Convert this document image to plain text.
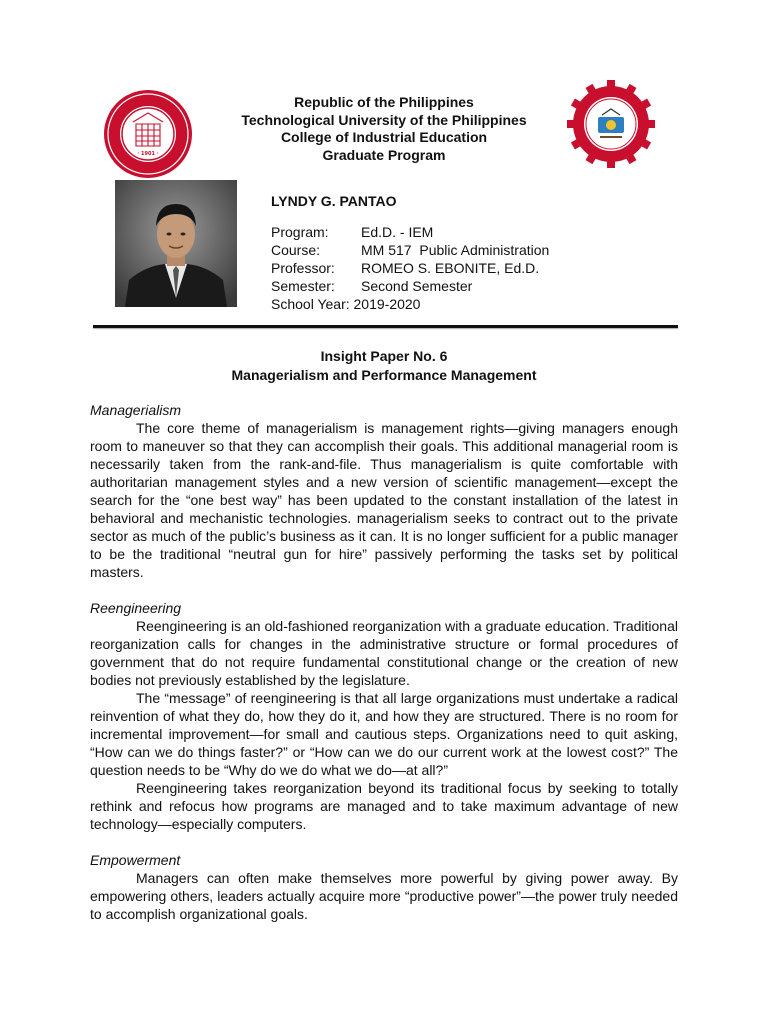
· 1901 ·
Republic of the Philippines
Technological University of the Philippines
College of Industrial Education
Graduate Program
LYNDY G. PANTAO
Program: Ed.D. - IEM
Course:	MM 517  Public Administration
Professor: ROMEO S. EBONITE, Ed.D.
Semester: Second Semester
School Year: 2019-2020
Insight Paper No. 6
Managerialism and Performance Management
Managerialism

The core theme of managerialism is management rights—giving managers enough room to maneuver so that they can accomplish their goals. This additional managerial room is necessarily taken from the rank-and-file. Thus managerialism is quite comfortable with authoritarian management styles and a new version of scientific management—except the search for the “one best way” has been updated to the constant installation of the latest in behavioral and mechanistic technologies. managerialism seeks to contract out to the private sector as much of the public’s business as it can. It is no longer sufficient for a public manager to be the traditional “neutral gun for hire” passively performing the tasks set by political masters.

Reengineering

Reengineering is an old-fashioned reorganization with a graduate education. Traditional reorganization calls for changes in the administrative structure or formal procedures of government that do not require fundamental constitutional change or the creation of new bodies not previously established by the legislature.

The “message” of reengineering is that all large organizations must undertake a radical reinvention of what they do, how they do it, and how they are structured. There is no room for incremental improvement—for small and cautious steps. Organizations need to quit asking, “How can we do things faster?” or “How can we do our current work at the lowest cost?” The question needs to be “Why do we do what we do—at all?”

Reengineering takes reorganization beyond its traditional focus by seeking to totally rethink and refocus how programs are managed and to take maximum advantage of new technology—especially computers.

Empowerment

Managers can often make themselves more powerful by giving power away. By empowering others, leaders actually acquire more “productive power”—the power truly needed to accomplish organizational goals.
